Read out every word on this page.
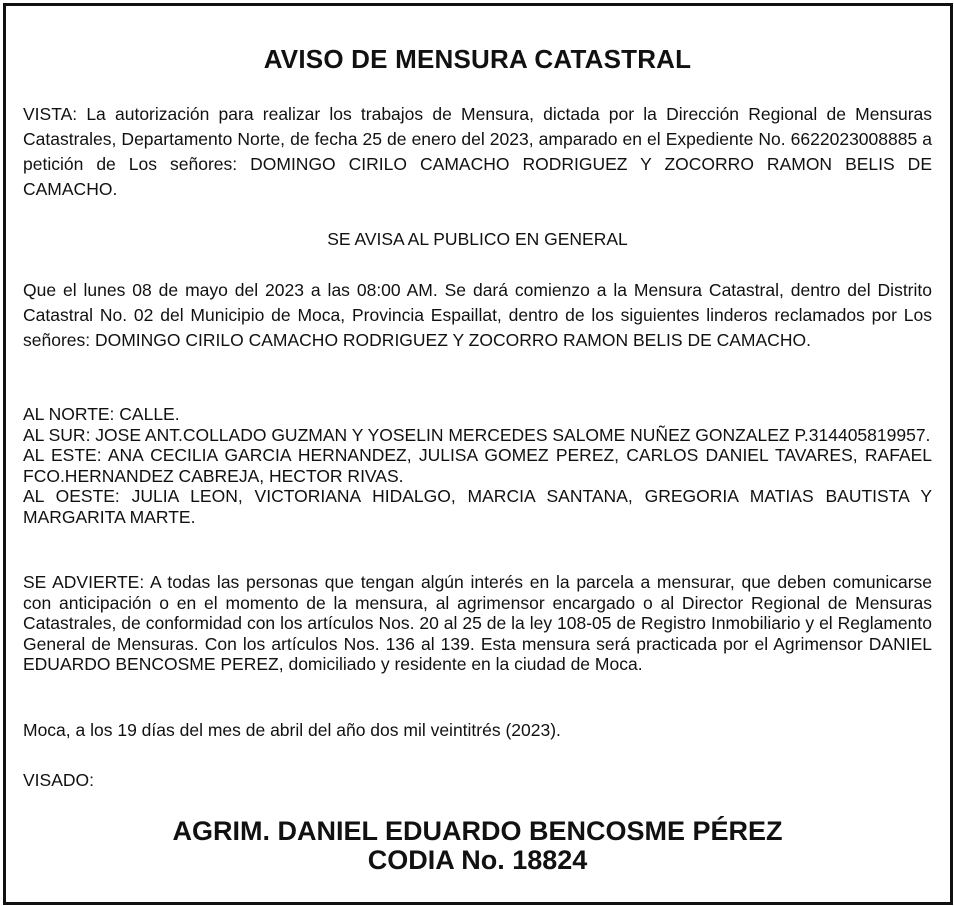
AVISO DE MENSURA CATASTRAL

VISTA: La autorización para realizar los trabajos de Mensura, dictada por la Dirección Regional de Mensuras Catastrales, Departamento Norte, de fecha 25 de enero del 2023, amparado en el Expediente No. 6622023008885 a petición de Los señores: DOMINGO CIRILO CAMACHO RODRIGUEZ Y ZOCORRO RAMON BELIS DE CAMACHO.

SE AVISA AL PUBLICO EN GENERAL

Que el lunes 08 de mayo del 2023 a las 08:00 AM. Se dará comienzo a la Mensura Catastral, dentro del Distrito Catastral No. 02 del Municipio de Moca, Provincia Espaillat, dentro de los siguientes linderos reclamados por Los señores: DOMINGO CIRILO CAMACHO RODRIGUEZ Y ZOCORRO RAMON BELIS DE CAMACHO.

AL NORTE: CALLE.
AL SUR: JOSE ANT.COLLADO GUZMAN Y YOSELIN MERCEDES SALOME NUÑEZ GONZALEZ P.314405819957.
AL ESTE: ANA CECILIA GARCIA HERNANDEZ, JULISA GOMEZ PEREZ, CARLOS DANIEL TAVARES, RAFAEL FCO.HERNANDEZ CABREJA, HECTOR RIVAS.
AL OESTE: JULIA LEON, VICTORIANA HIDALGO, MARCIA SANTANA, GREGORIA MATIAS BAUTISTA Y MARGARITA MARTE.

SE ADVIERTE: A todas las personas que tengan algún interés en la parcela a mensurar, que deben comunicarse con anticipación o en el momento de la mensura, al agrimensor encargado o al Director Regional de Mensuras Catastrales, de conformidad con los artículos Nos. 20 al 25 de la ley 108-05 de Registro Inmobiliario y el Reglamento General de Mensuras. Con los artículos Nos. 136 al 139. Esta mensura será practicada por el Agrimensor DANIEL EDUARDO BENCOSME PEREZ, domiciliado y residente en la ciudad de Moca.

Moca, a los 19 días del mes de abril del año dos mil veintitrés (2023).

VISADO:

AGRIM. DANIEL EDUARDO BENCOSME PÉREZ
CODIA No. 18824
